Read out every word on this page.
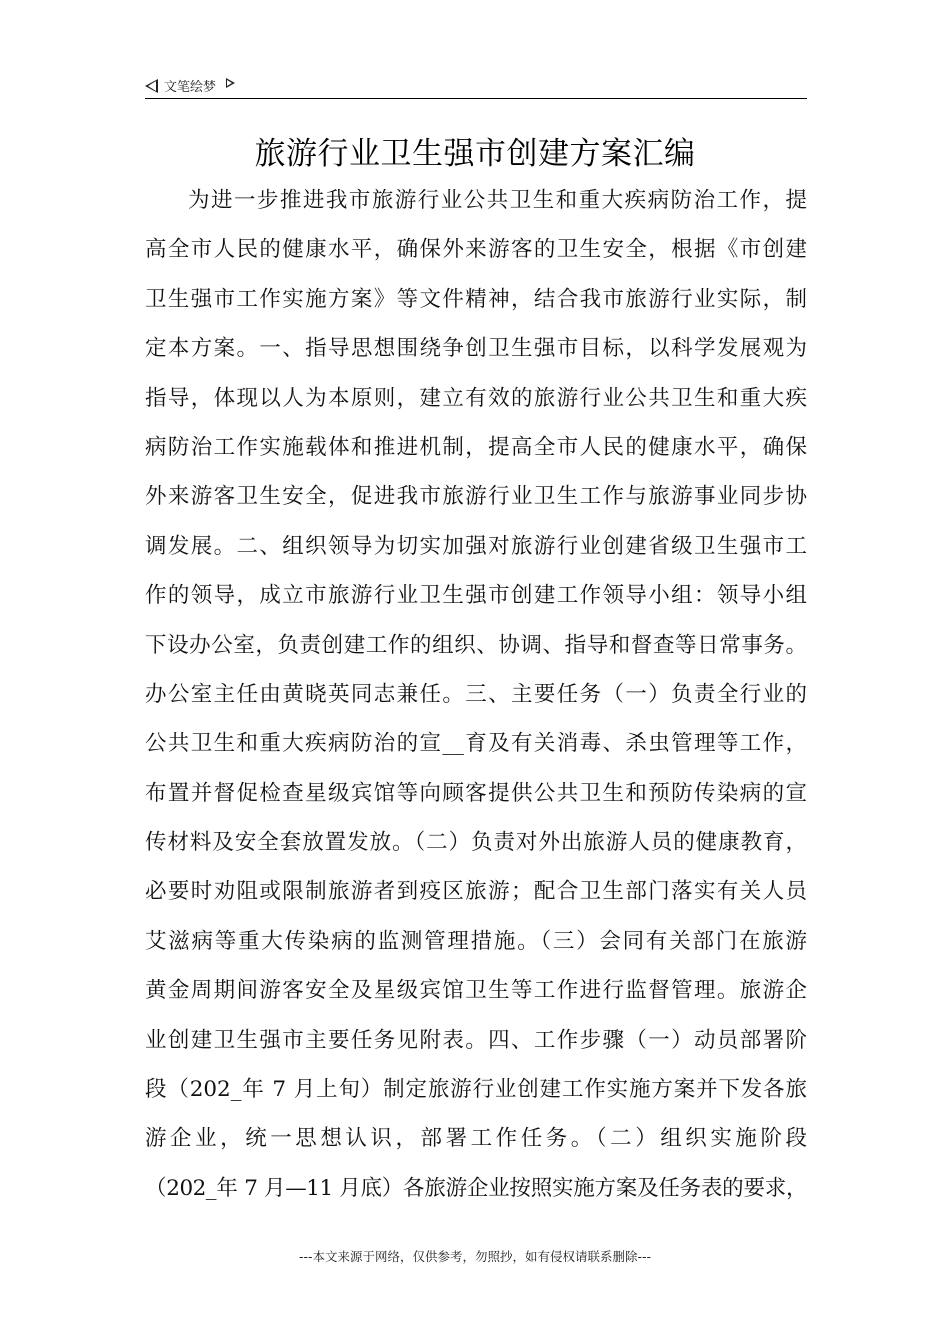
文笔绘梦
旅游行业卫生强市创建方案汇编
为进一步推进我市旅游行业公共卫生和重大疾病防治工作，提
高全市人民的健康水平，确保外来游客的卫生安全，根据《市创建
卫生强市工作实施方案》等文件精神，结合我市旅游行业实际，制
定本方案。一、指导思想围绕争创卫生强市目标，以科学发展观为
指导，体现以人为本原则，建立有效的旅游行业公共卫生和重大疾
病防治工作实施载体和推进机制，提高全市人民的健康水平，确保
外来游客卫生安全，促进我市旅游行业卫生工作与旅游事业同步协
调发展。二、组织领导为切实加强对旅游行业创建省级卫生强市工
作的领导，成立市旅游行业卫生强市创建工作领导小组：领导小组
下设办公室，负责创建工作的组织、协调、指导和督查等日常事务。
办公室主任由黄晓英同志兼任。三、主要任务（一）负责全行业的
公共卫生和重大疾病防治的宣__育及有关消毒、杀虫管理等工作，
布置并督促检查星级宾馆等向顾客提供公共卫生和预防传染病的宣
传材料及安全套放置发放。（二）负责对外出旅游人员的健康教育，
必要时劝阻或限制旅游者到疫区旅游；配合卫生部门落实有关人员
艾滋病等重大传染病的监测管理措施。（三）会同有关部门在旅游
黄金周期间游客安全及星级宾馆卫生等工作进行监督管理。旅游企
业创建卫生强市主要任务见附表。四、工作步骤（一）动员部署阶
段（202_年 7 月上旬）制定旅游行业创建工作实施方案并下发各旅
游企业，统一思想认识，部署工作任务。（二）组织实施阶段
（202_年 7 月—11 月底）各旅游企业按照实施方案及任务表的要求，
---本文来源于网络，仅供参考，勿照抄，如有侵权请联系删除---
